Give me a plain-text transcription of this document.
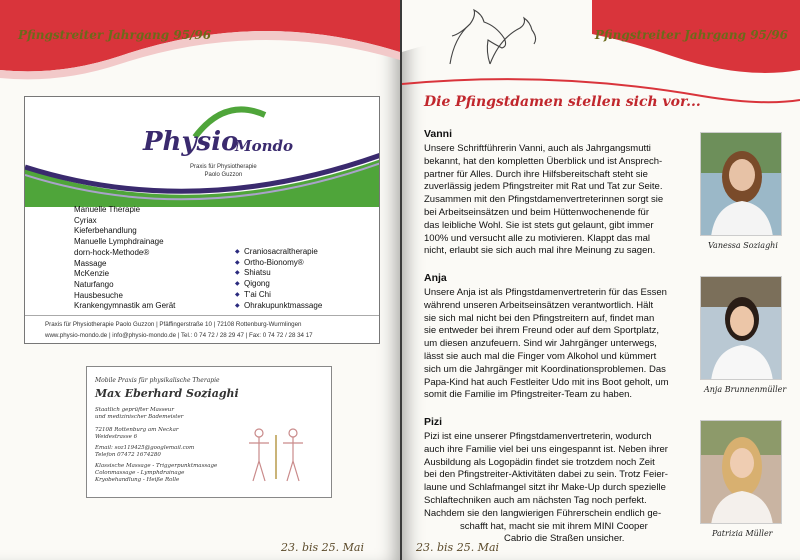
Pfingstreiter Jahrgang 95/96
Physio
Mondo
Praxis für Physiotherapie
Paolo Guzzon
◆ Manuelle Therapie
◆ Cyriax
◆ Kieferbehandlung
◆ Manuelle Lymphdrainage
◆ dorn-hock-Methode®
◆ Massage
◆ McKenzie
◆ Naturfango
◆ Hausbesuche
◆ Krankengymnastik am Gerät
◆ Craniosacraltherapie
◆ Ortho-Bionomy®
◆ Shiatsu
◆ Qigong
◆ T'ai Chi
◆ Ohrakupunktmassage
Praxis für Physiotherapie Paolo Guzzon | Pfäffingerstraße 10 | 72108 Rottenburg-Wurmlingen
www.physio-mondo.de | info@physio-mondo.de | Tel.: 0 74 72 / 28 29 47 | Fax: 0 74 72 / 28 34 17
Mobile Praxis für physikalische Therapie
Max Eberhard Soziaghi
Staatlich geprüfter Masseur
und medizinischer Bademeister
72108 Rottenburg am Neckar
Weidestrasse 6
Email: soz119425@googlemail.com
Telefon 07472 1674280
Klassische Massage - Triggerpunktmassage
Colonmassage - Lymphdrainage
Kryobehandlung - Heiße Rolle
23. bis 25. Mai
Pfingstreiter Jahrgang 95/96
Die Pfingstdamen stellen sich vor...
Vanni
Unsere Schriftführerin Vanni, auch als Jahrgangsmutti
bekannt, hat den kompletten Überblick und ist Ansprech-
partner für Alles. Durch ihre Hilfsbereitschaft steht sie
zuverlässig jedem Pfingstreiter mit Rat und Tat zur Seite.
Zusammen mit den Pfingstdamenvertreterinnen sorgt sie
bei Arbeitseinsätzen und beim Hüttenwochenende für
das leibliche Wohl. Sie ist stets gut gelaunt, gibt immer
100% und versucht alle zu motivieren. Klappt das mal
nicht, erlaubt sie sich auch mal ihre Meinung zu sagen.	Vanessa Soziaghi
Anja
Unsere Anja ist als Pfingstdamenvertreterin für das Essen
während unseren Arbeitseinsätzen verantwortlich. Hält
sie sich mal nicht bei den Pfingstreitern auf, findet man
sie entweder bei ihrem Freund oder auf dem Sportplatz,
um diesen anzufeuern. Sind wir Jahrgänger unterwegs,
lässt sie auch mal die Finger vom Alkohol und kümmert
sich um die Jahrgänger mit Koordinationsproblemen. Das
Papa-Kind hat auch Festleiter Udo mit ins Boot geholt, um
somit die Familie im Pfingstreiter-Team zu haben.	Anja Brunnenmüller
Pizi
Pizi ist eine unserer Pfingstdamenvertreterin, wodurch
auch ihre Familie viel bei uns eingespannt ist. Neben ihrer
Ausbildung als Logopädin findet sie trotzdem noch Zeit
bei den Pfingstreiter-Aktivitäten dabei zu sein. Trotz Feier-
laune und Schlafmangel sitzt ihr Make-Up durch spezielle
Schlaftechniken auch am nächsten Tag noch perfekt.
Nachdem sie den langwierigen Führerschein endlich ge-
schafft hat, macht sie mit ihrem MINI Cooper
Cabrio die Straßen unsicher.	Patrizia Müller
23. bis 25. Mai
